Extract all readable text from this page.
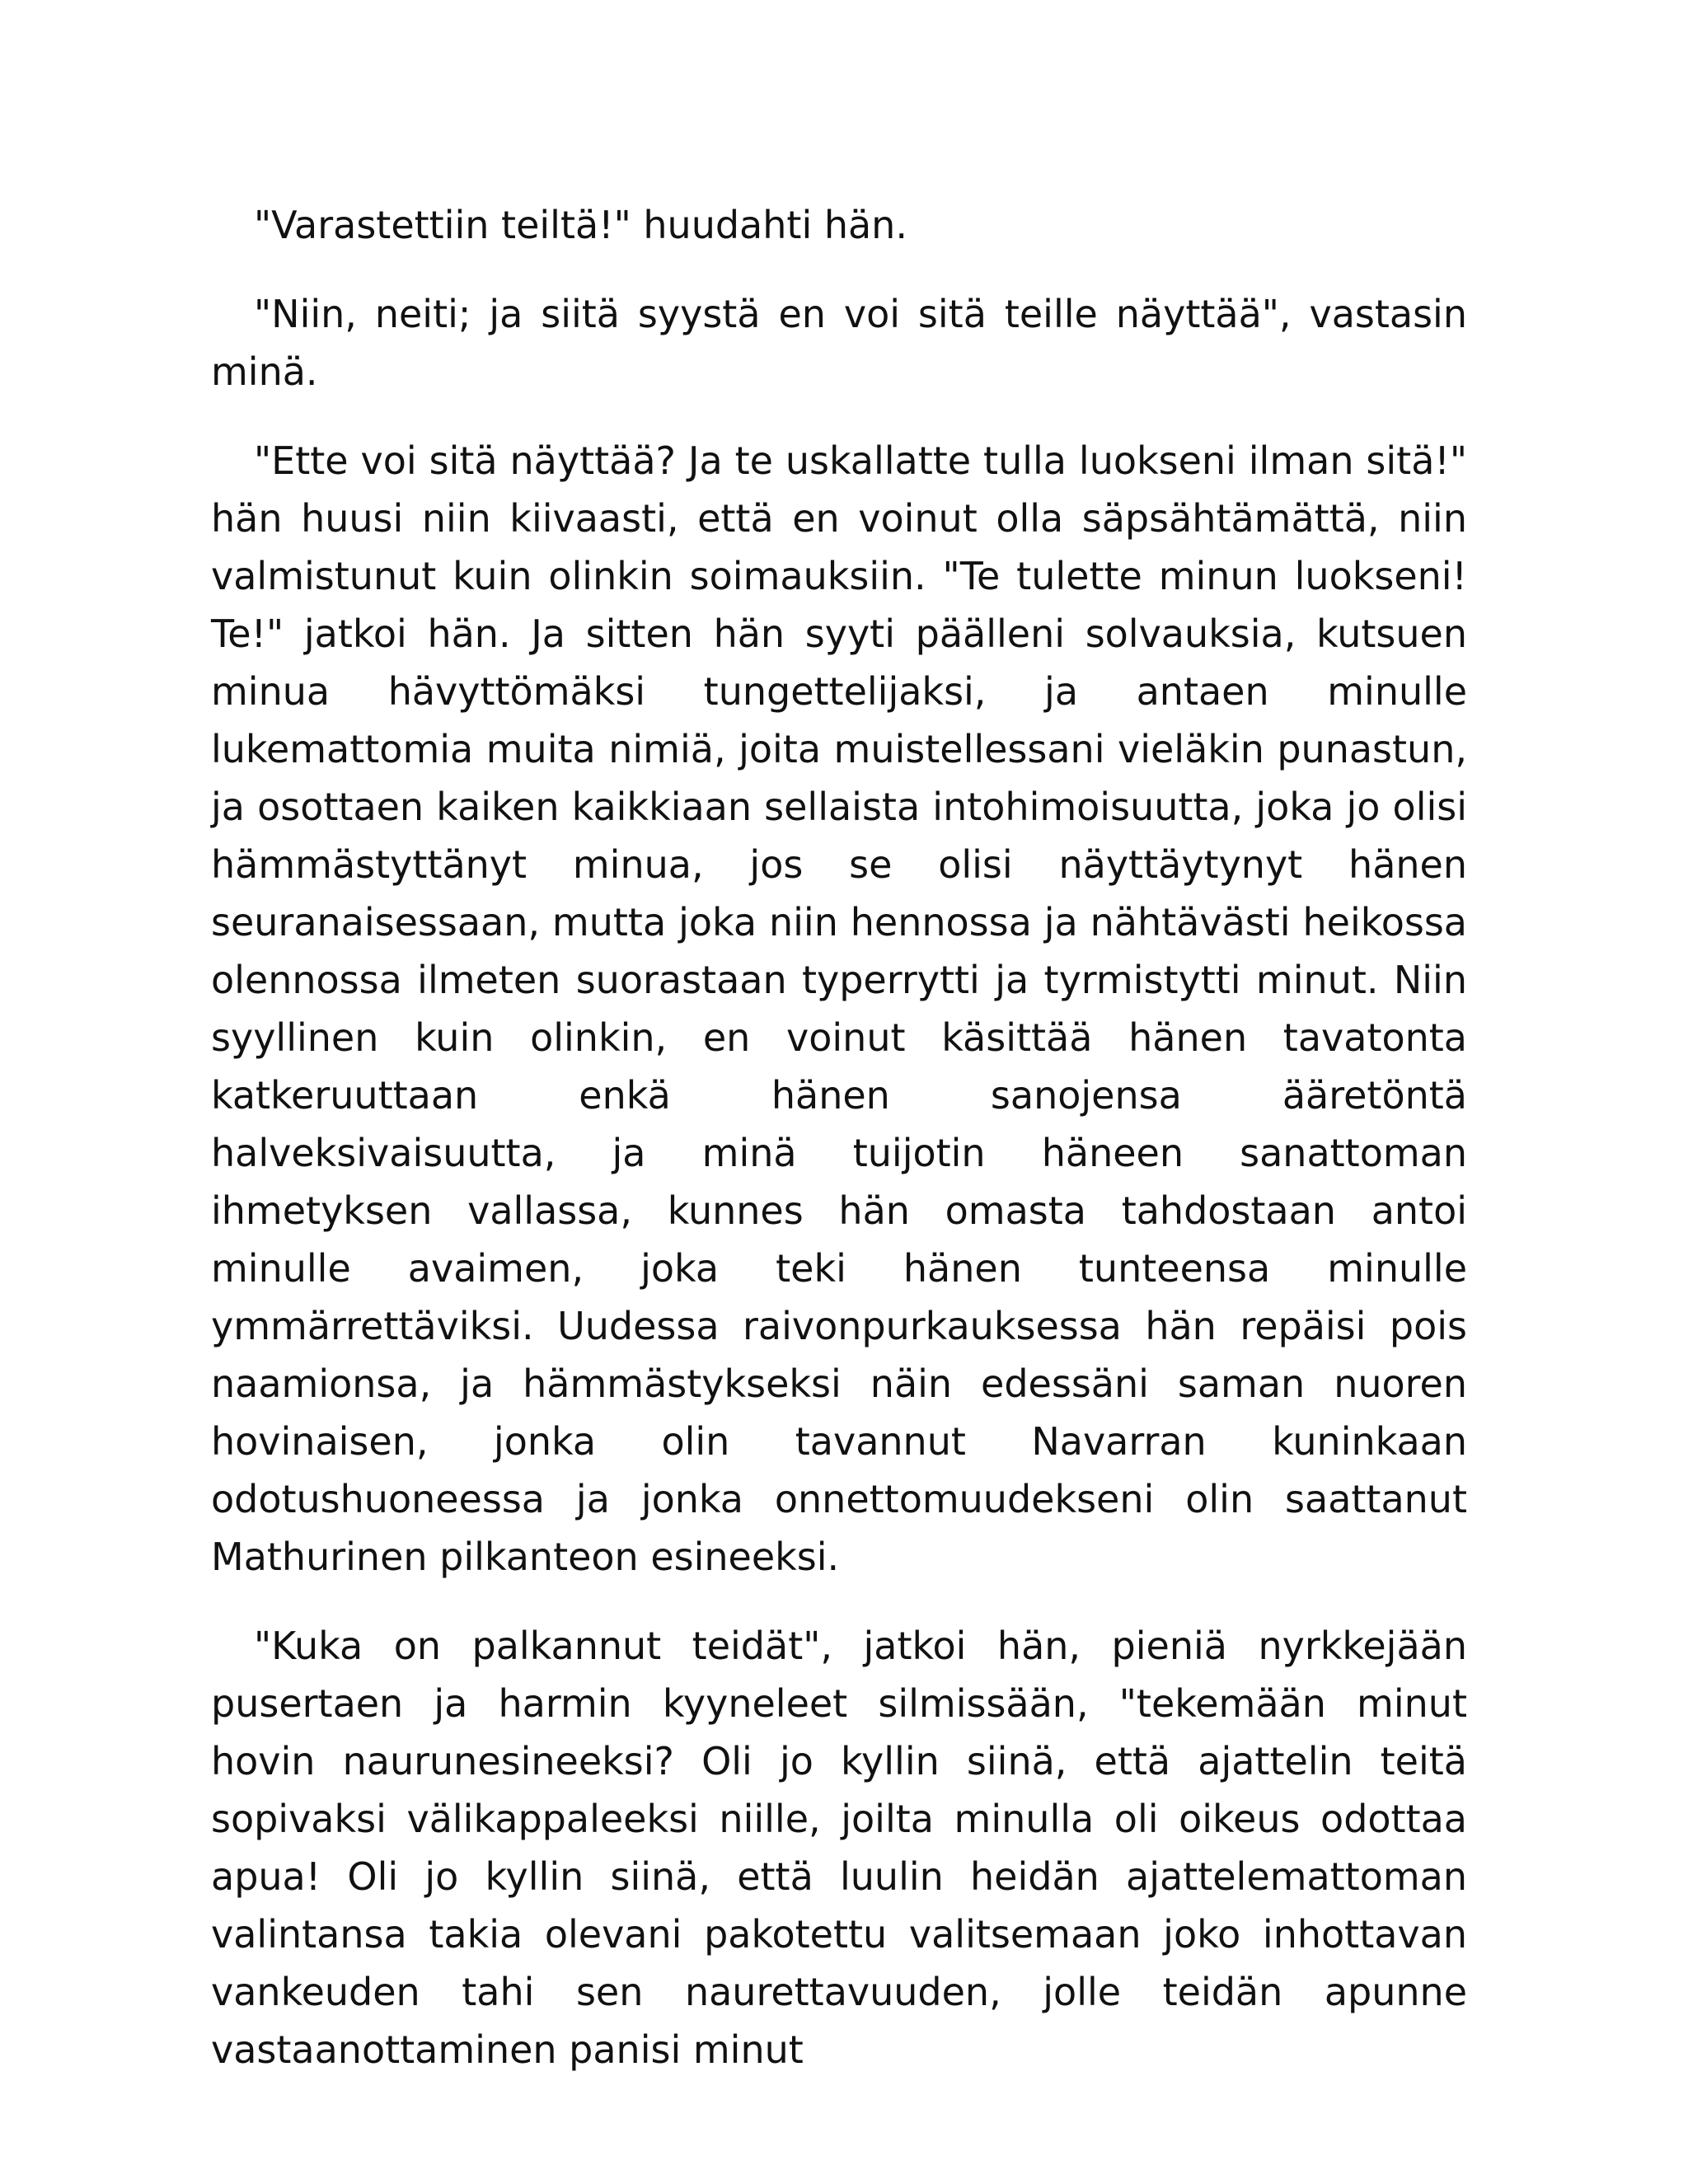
"Varastettiin teiltä!" huudahti hän.

"Niin, neiti; ja siitä syystä en voi sitä teille näyttää", vastasin minä.

"Ette voi sitä näyttää? Ja te uskallatte tulla luokseni ilman sitä!" hän huusi niin kiivaasti, että en voinut olla säpsähtämättä, niin valmistunut kuin olinkin soimauksiin. "Te tulette minun luokseni! Te!" jatkoi hän. Ja sitten hän syyti päälleni solvauksia, kutsuen minua hävyttömäksi tungettelijaksi, ja antaen minulle lukemattomia muita nimiä, joita muistellessani vieläkin punastun, ja osottaen kaiken kaikkiaan sellaista intohimoisuutta, joka jo olisi hämmästyttänyt minua, jos se olisi näyttäytynyt hänen seuranaisessaan, mutta joka niin hennossa ja nähtävästi heikossa olennossa ilmeten suorastaan typerrytti ja tyrmistytti minut. Niin syyllinen kuin olinkin, en voinut käsittää hänen tavatonta katkeruuttaan enkä hänen sanojensa ääretöntä halveksivaisuutta, ja minä tuijotin häneen sanattoman ihmetyksen vallassa, kunnes hän omasta tahdostaan antoi minulle avaimen, joka teki hänen tunteensa minulle ymmärrettäviksi. Uudessa raivonpurkauksessa hän repäisi pois naamionsa, ja hämmästykseksi näin edessäni saman nuoren hovinaisen, jonka olin tavannut Navarran kuninkaan odotushuoneessa ja jonka onnettomuudekseni olin saattanut Mathurinen pilkanteon esineeksi.

"Kuka on palkannut teidät", jatkoi hän, pieniä nyrkkejään pusertaen ja harmin kyyneleet silmissään, "tekemään minut hovin naurunesineeksi? Oli jo kyllin siinä, että ajattelin teitä sopivaksi välikappaleeksi niille, joilta minulla oli oikeus odottaa apua! Oli jo kyllin siinä, että luulin heidän ajattelemattoman valintansa takia olevani pakotettu valitsemaan joko inhottavan vankeuden tahi sen naurettavuuden, jolle teidän apunne vastaanottaminen panisi minut
